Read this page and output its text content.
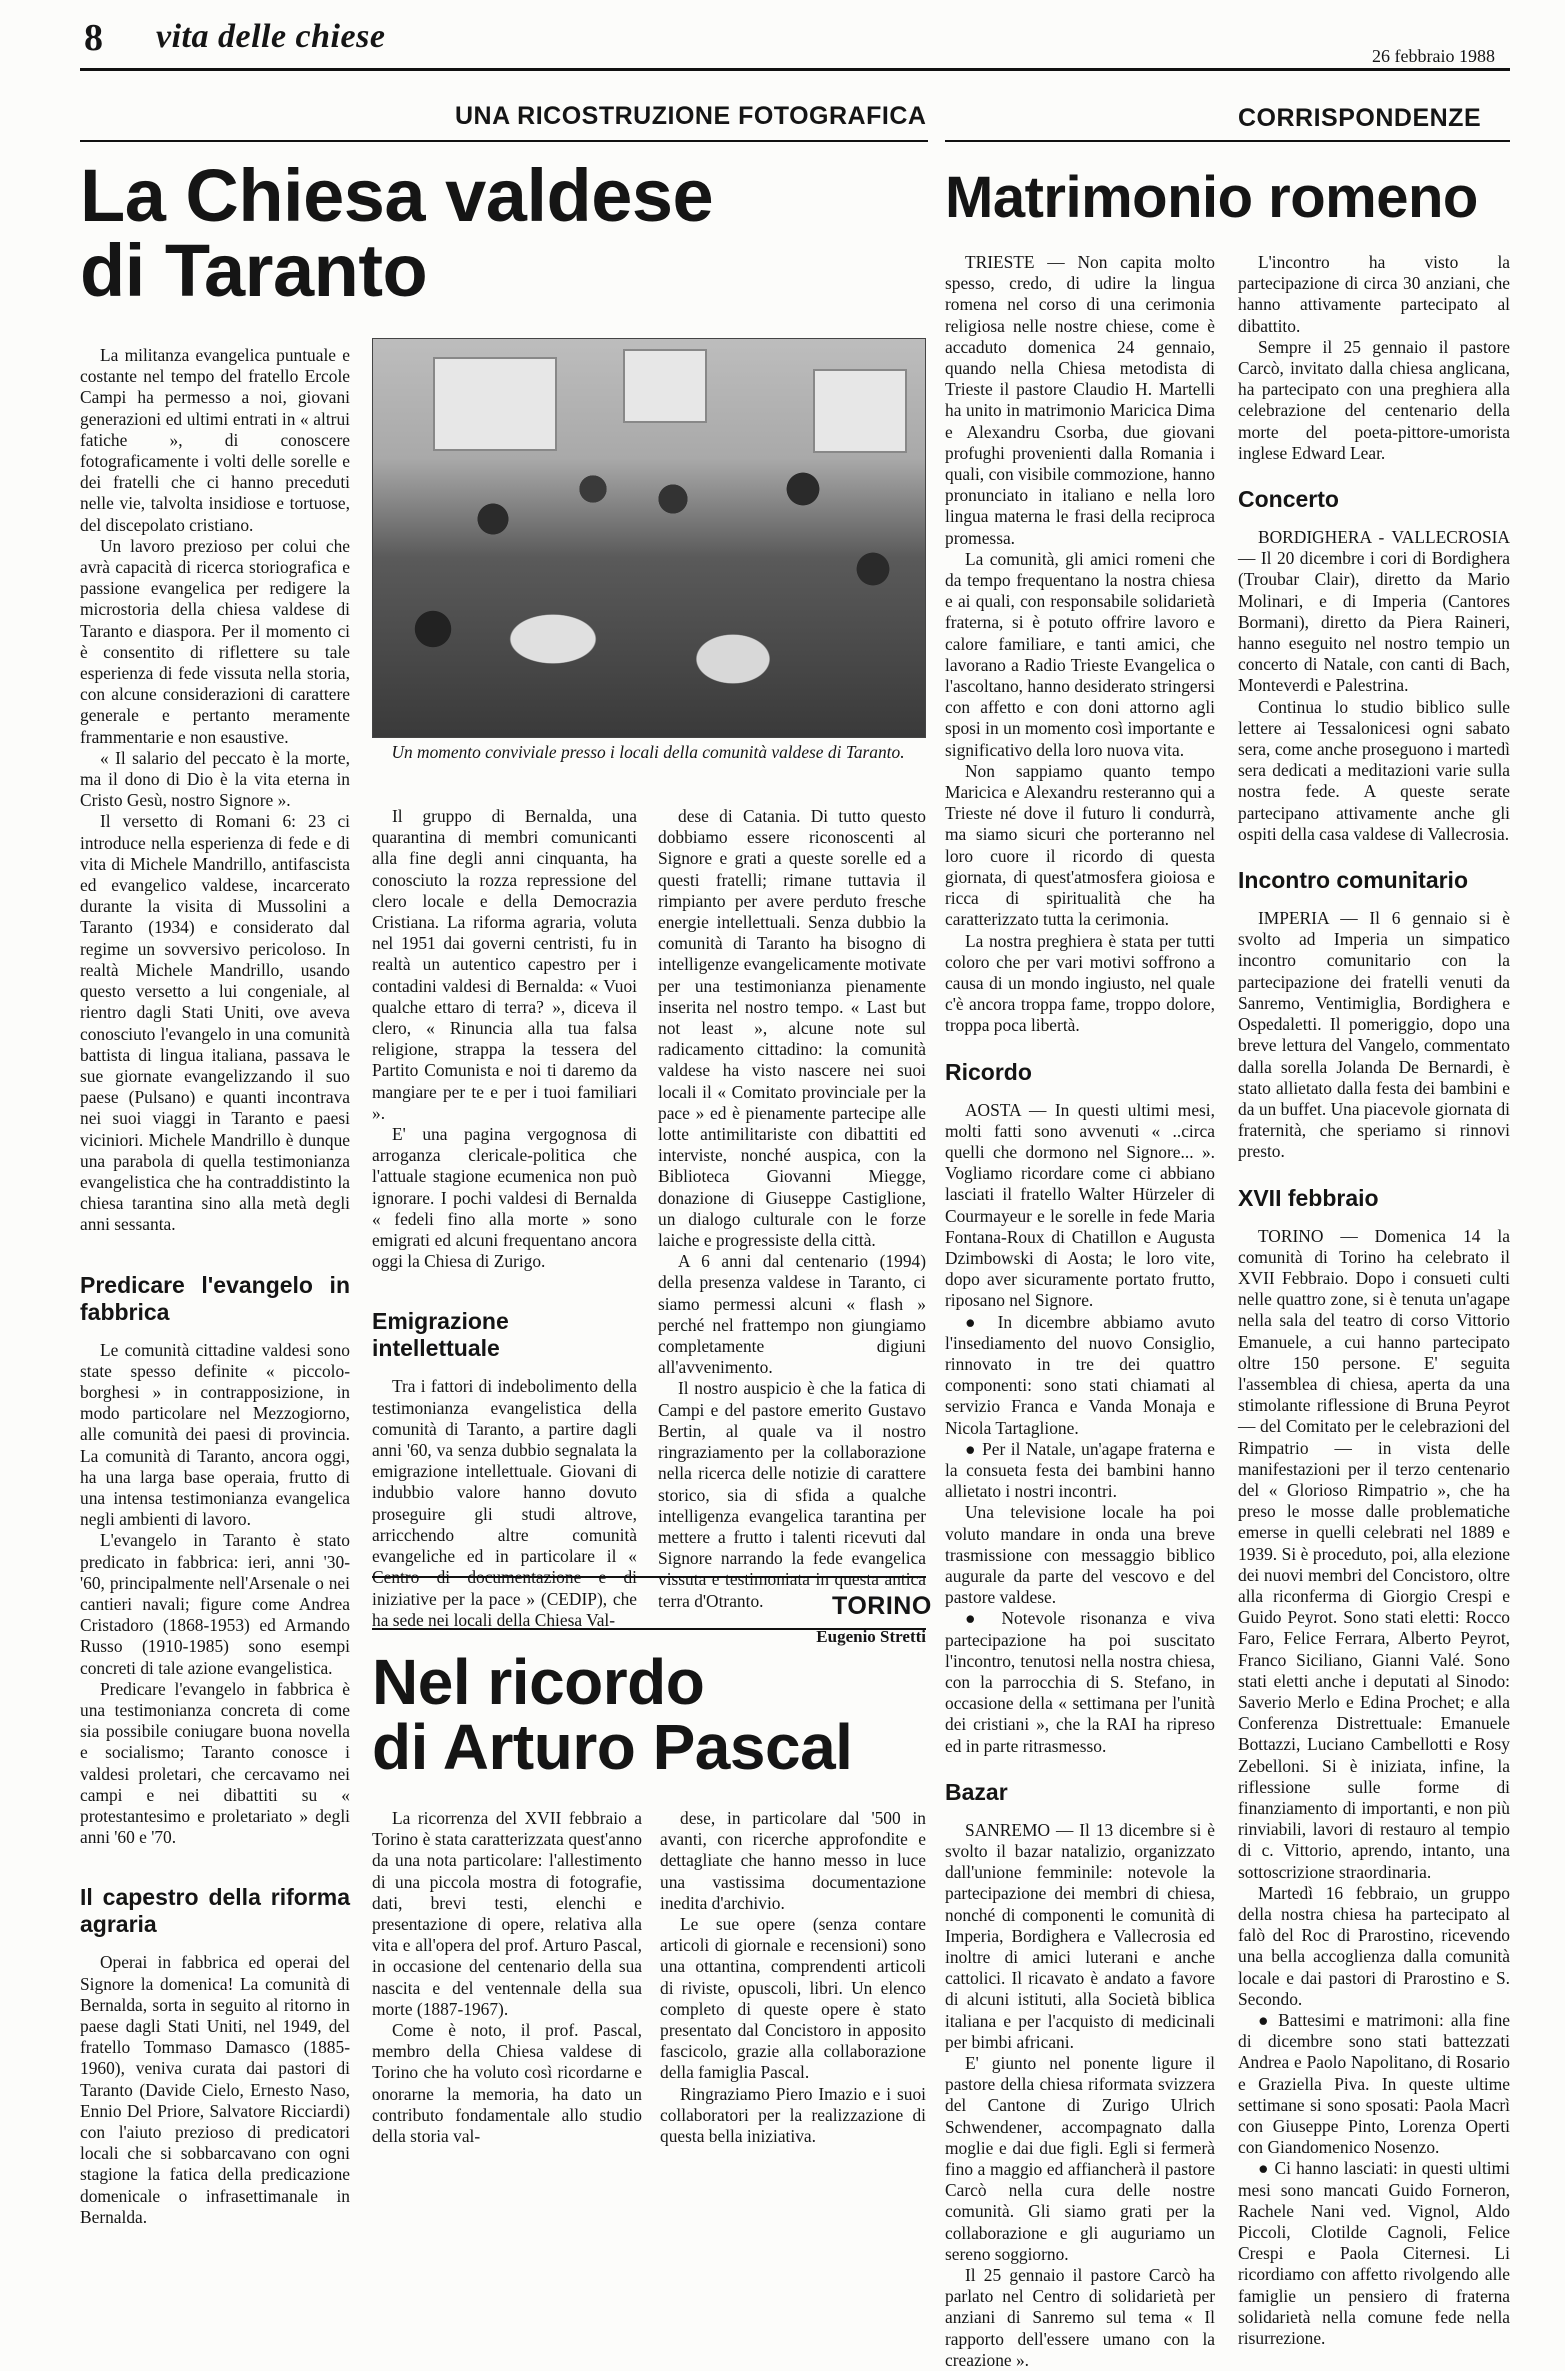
8 vita delle chiese
26 febbraio 1988
UNA RICOSTRUZIONE FOTOGRAFICA
La Chiesa valdese
di Taranto
Un momento conviviale presso i locali della comunità valdese di Taranto.

La militanza evangelica puntuale e costante nel tempo del fratello Ercole Campi ha permesso a noi, giovani generazioni ed ultimi entrati in « altrui fatiche », di conoscere fotograficamente i volti delle sorelle e dei fratelli che ci hanno preceduti nelle vie, talvolta insidiose e tortuose, del discepolato cristiano.

Un lavoro prezioso per colui che avrà capacità di ricerca storiografica e passione evangelica per redigere la microstoria della chiesa valdese di Taranto e diaspora. Per il momento ci è consentito di riflettere su tale esperienza di fede vissuta nella storia, con alcune considerazioni di carattere generale e pertanto meramente frammentarie e non esaustive.

« Il salario del peccato è la morte, ma il dono di Dio è la vita eterna in Cristo Gesù, nostro Signore ».

Il versetto di Romani 6: 23 ci introduce nella esperienza di fede e di vita di Michele Mandrillo, antifascista ed evangelico valdese, incarcerato durante la visita di Mussolini a Taranto (1934) e considerato dal regime un sovversivo pericoloso. In realtà Michele Mandrillo, usando questo versetto a lui congeniale, al rientro dagli Stati Uniti, ove aveva conosciuto l'evangelo in una comunità battista di lingua italiana, passava le sue giornate evangelizzando il suo paese (Pulsano) e quanti incontrava nei suoi viaggi in Taranto e paesi viciniori. Michele Mandrillo è dunque una parabola di quella testimonianza evangelistica che ha contraddistinto la chiesa tarantina sino alla metà degli anni sessanta.

Predicare l'evangelo in fabbrica

Le comunità cittadine valdesi sono state spesso definite « piccolo-borghesi » in contrapposizione, in modo particolare nel Mezzogiorno, alle comunità dei paesi di provincia. La comunità di Taranto, ancora oggi, ha una larga base operaia, frutto di una intensa testimonianza evangelica negli ambienti di lavoro.

L'evangelo in Taranto è stato predicato in fabbrica: ieri, anni '30-'60, principalmente nell'Arsenale o nei cantieri navali; figure come Andrea Cristadoro (1868-1953) ed Armando Russo (1910-1985) sono esempi concreti di tale azione evangelistica.

Predicare l'evangelo in fabbrica è una testimonianza concreta di come sia possibile coniugare buona novella e socialismo; Taranto conosce i valdesi proletari, che cercavamo nei campi e nei dibattiti su « protestantesimo e proletariato » degli anni '60 e '70.

Il capestro della riforma agraria

Operai in fabbrica ed operai del Signore la domenica! La comunità di Bernalda, sorta in seguito al ritorno in paese dagli Stati Uniti, nel 1949, del fratello Tommaso Damasco (1885-1960), veniva curata dai pastori di Taranto (Davide Cielo, Ernesto Naso, Ennio Del Priore, Salvatore Ricciardi) con l'aiuto prezioso di predicatori locali che si sobbarcavano con ogni stagione la fatica della predicazione domenicale o infrasettimanale in Bernalda.

Il gruppo di Bernalda, una quarantina di membri comunicanti alla fine degli anni cinquanta, ha conosciuto la rozza repressione del clero locale e della Democrazia Cristiana. La riforma agraria, voluta nel 1951 dai governi centristi, fu in realtà un autentico capestro per i contadini valdesi di Bernalda: « Vuoi qualche ettaro di terra? », diceva il clero, « Rinuncia alla tua falsa religione, strappa la tessera del Partito Comunista e noi ti daremo da mangiare per te e per i tuoi familiari ».

E' una pagina vergognosa di arroganza clericale-politica che l'attuale stagione ecumenica non può ignorare. I pochi valdesi di Bernalda « fedeli fino alla morte » sono emigrati ed alcuni frequentano ancora oggi la Chiesa di Zurigo.

Emigrazione intellettuale

Tra i fattori di indebolimento della testimonianza evangelistica della comunità di Taranto, a partire dagli anni '60, va senza dubbio segnalata la emigrazione intellettuale. Giovani di indubbio valore hanno dovuto proseguire gli studi altrove, arricchendo altre comunità evangeliche ed in particolare il « Centro di documentazione e di iniziative per la pace » (CEDIP), che ha sede nei locali della Chiesa Val-

dese di Catania. Di tutto questo dobbiamo essere riconoscenti al Signore e grati a queste sorelle ed a questi fratelli; rimane tuttavia il rimpianto per avere perduto fresche energie intellettuali. Senza dubbio la comunità di Taranto ha bisogno di intelligenze evangelicamente motivate per una testimonianza pienamente inserita nel nostro tempo. « Last but not least », alcune note sul radicamento cittadino: la comunità valdese ha visto nascere nei suoi locali il « Comitato provinciale per la pace » ed è pienamente partecipe alle lotte antimilitariste con dibattiti ed interviste, nonché auspica, con la Biblioteca Giovanni Miegge, donazione di Giuseppe Castiglione, un dialogo culturale con le forze laiche e progressiste della città.

A 6 anni dal centenario (1994) della presenza valdese in Taranto, ci siamo permessi alcuni « flash » perché nel frattempo non giungiamo completamente digiuni all'avvenimento.

Il nostro auspicio è che la fatica di Campi e del pastore emerito Gustavo Bertin, al quale va il nostro ringraziamento per la collaborazione nella ricerca delle notizie di carattere storico, sia di sfida a qualche intelligenza evangelica tarantina per mettere a frutto i talenti ricevuti dal Signore narrando la fede evangelica vissuta e testimoniata in questa antica terra d'Otranto.

Eugenio Stretti
TORINO
Nel ricordo
di Arturo Pascal

La ricorrenza del XVII febbraio a Torino è stata caratterizzata quest'anno da una nota particolare: l'allestimento di una piccola mostra di fotografie, dati, brevi testi, elenchi e presentazione di opere, relativa alla vita e all'opera del prof. Arturo Pascal, in occasione del centenario della sua nascita e del ventennale della sua morte (1887-1967).

Come è noto, il prof. Pascal, membro della Chiesa valdese di Torino che ha voluto così ricordarne e onorarne la memoria, ha dato un contributo fondamentale allo studio della storia val-

dese, in particolare dal '500 in avanti, con ricerche approfondite e dettagliate che hanno messo in luce una vastissima documentazione inedita d'archivio.

Le sue opere (senza contare articoli di giornale e recensioni) sono una ottantina, comprendenti articoli di riviste, opuscoli, libri. Un elenco completo di queste opere è stato presentato dal Concistoro in apposito fascicolo, grazie alla collaborazione della famiglia Pascal.

Ringraziamo Piero Imazio e i suoi collaboratori per la realizzazione di questa bella iniziativa.

CORRISPONDENZE
Matrimonio romeno

TRIESTE — Non capita molto spesso, credo, di udire la lingua romena nel corso di una cerimonia religiosa nelle nostre chiese, come è accaduto domenica 24 gennaio, quando nella Chiesa metodista di Trieste il pastore Claudio H. Martelli ha unito in matrimonio Maricica Dima e Alexandru Csorba, due giovani profughi provenienti dalla Romania i quali, con visibile commozione, hanno pronunciato in italiano e nella loro lingua materna le frasi della reciproca promessa.

La comunità, gli amici romeni che da tempo frequentano la nostra chiesa e ai quali, con responsabile solidarietà fraterna, si è potuto offrire lavoro e calore familiare, e tanti amici, che lavorano a Radio Trieste Evangelica o l'ascoltano, hanno desiderato stringersi con affetto e con doni attorno agli sposi in un momento così importante e significativo della loro nuova vita.

Non sappiamo quanto tempo Maricica e Alexandru resteranno qui a Trieste né dove il futuro li condurrà, ma siamo sicuri che porteranno nel loro cuore il ricordo di questa giornata, di quest'atmosfera gioiosa e ricca di spiritualità che ha caratterizzato tutta la cerimonia.

La nostra preghiera è stata per tutti coloro che per vari motivi soffrono a causa di un mondo ingiusto, nel quale c'è ancora troppa fame, troppo dolore, troppa poca libertà.

Ricordo

AOSTA — In questi ultimi mesi, molti fatti sono avvenuti « ..circa quelli che dormono nel Signore... ». Vogliamo ricordare come ci abbiano lasciati il fratello Walter Hürzeler di Courmayeur e le sorelle in fede Maria Fontana-Roux di Chatillon e Augusta Dzimbowski di Aosta; le loro vite, dopo aver sicuramente portato frutto, riposano nel Signore.

● In dicembre abbiamo avuto l'insediamento del nuovo Consiglio, rinnovato in tre dei quattro componenti: sono stati chiamati al servizio Franca e Vanda Monaja e Nicola Tartaglione.

● Per il Natale, un'agape fraterna e la consueta festa dei bambini hanno allietato i nostri incontri.

Una televisione locale ha poi voluto mandare in onda una breve trasmissione con messaggio biblico augurale da parte del vescovo e del pastore valdese.

● Notevole risonanza e viva partecipazione ha poi suscitato l'incontro, tenutosi nella nostra chiesa, con la parrocchia di S. Stefano, in occasione della « settimana per l'unità dei cristiani », che la RAI ha ripreso ed in parte ritrasmesso.

Bazar

SANREMO — Il 13 dicembre si è svolto il bazar natalizio, organizzato dall'unione femminile: notevole la partecipazione dei membri di chiesa, nonché di componenti le comunità di Imperia, Bordighera e Vallecrosia ed inoltre di amici luterani e anche cattolici. Il ricavato è andato a favore di alcuni istituti, alla Società biblica italiana e per l'acquisto di medicinali per bimbi africani.

E' giunto nel ponente ligure il pastore della chiesa riformata svizzera del Cantone di Zurigo Ulrich Schwendener, accompagnato dalla moglie e dai due figli. Egli si fermerà fino a maggio ed affiancherà il pastore Carcò nella cura delle nostre comunità. Gli siamo grati per la collaborazione e gli auguriamo un sereno soggiorno.

Il 25 gennaio il pastore Carcò ha parlato nel Centro di solidarietà per anziani di Sanremo sul tema « Il rapporto dell'essere umano con la creazione ».

L'incontro ha visto la partecipazione di circa 30 anziani, che hanno attivamente partecipato al dibattito.

Sempre il 25 gennaio il pastore Carcò, invitato dalla chiesa anglicana, ha partecipato con una preghiera alla celebrazione del centenario della morte del poeta-pittore-umorista inglese Edward Lear.

Concerto

BORDIGHERA - VALLECROSIA — Il 20 dicembre i cori di Bordighera (Troubar Clair), diretto da Mario Molinari, e di Imperia (Cantores Bormani), diretto da Piera Raineri, hanno eseguito nel nostro tempio un concerto di Natale, con canti di Bach, Monteverdi e Palestrina.

Continua lo studio biblico sulle lettere ai Tessalonicesi ogni sabato sera, come anche proseguono i martedì sera dedicati a meditazioni varie sulla nostra fede. A queste serate partecipano attivamente anche gli ospiti della casa valdese di Vallecrosia.

Incontro comunitario

IMPERIA — Il 6 gennaio si è svolto ad Imperia un simpatico incontro comunitario con la partecipazione dei fratelli venuti da Sanremo, Ventimiglia, Bordighera e Ospedaletti. Il pomeriggio, dopo una breve lettura del Vangelo, commentato dalla sorella Jolanda De Bernardi, è stato allietato dalla festa dei bambini e da un buffet. Una piacevole giornata di fraternità, che speriamo si rinnovi presto.

XVII febbraio

TORINO — Domenica 14 la comunità di Torino ha celebrato il XVII Febbraio. Dopo i consueti culti nelle quattro zone, si è tenuta un'agape nella sala del teatro di corso Vittorio Emanuele, a cui hanno partecipato oltre 150 persone. E' seguita l'assemblea di chiesa, aperta da una stimolante riflessione di Bruna Peyrot — del Comitato per le celebrazioni del Rimpatrio — in vista delle manifestazioni per il terzo centenario del « Glorioso Rimpatrio », che ha preso le mosse dalle problematiche emerse in quelli celebrati nel 1889 e 1939. Si è proceduto, poi, alla elezione dei nuovi membri del Concistoro, oltre alla riconferma di Giorgio Crespi e Guido Peyrot. Sono stati eletti: Rocco Faro, Felice Ferrara, Alberto Peyrot, Franco Siciliano, Gianni Valé. Sono stati eletti anche i deputati al Sinodo: Saverio Merlo e Edina Prochet; e alla Conferenza Distrettuale: Emanuele Bottazzi, Luciano Cambellotti e Rosy Zebelloni. Si è iniziata, infine, la riflessione sulle forme di finanziamento di importanti, e non più rinviabili, lavori di restauro al tempio di c. Vittorio, aprendo, intanto, una sottoscrizione straordinaria.

Martedì 16 febbraio, un gruppo della nostra chiesa ha partecipato al falò del Roc di Prarostino, ricevendo una bella accoglienza dalla comunità locale e dai pastori di Prarostino e S. Secondo.

● Battesimi e matrimoni: alla fine di dicembre sono stati battezzati Andrea e Paolo Napolitano, di Rosario e Graziella Piva. In queste ultime settimane si sono sposati: Paola Macrì con Giuseppe Pinto, Lorenza Operti con Giandomenico Nosenzo.

● Ci hanno lasciati: in questi ultimi mesi sono mancati Guido Forneron, Rachele Nani ved. Vignol, Aldo Piccoli, Clotilde Cagnoli, Felice Crespi e Paola Citernesi. Li ricordiamo con affetto rivolgendo alle famiglie un pensiero di fraterna solidarietà nella comune fede nella risurrezione.
